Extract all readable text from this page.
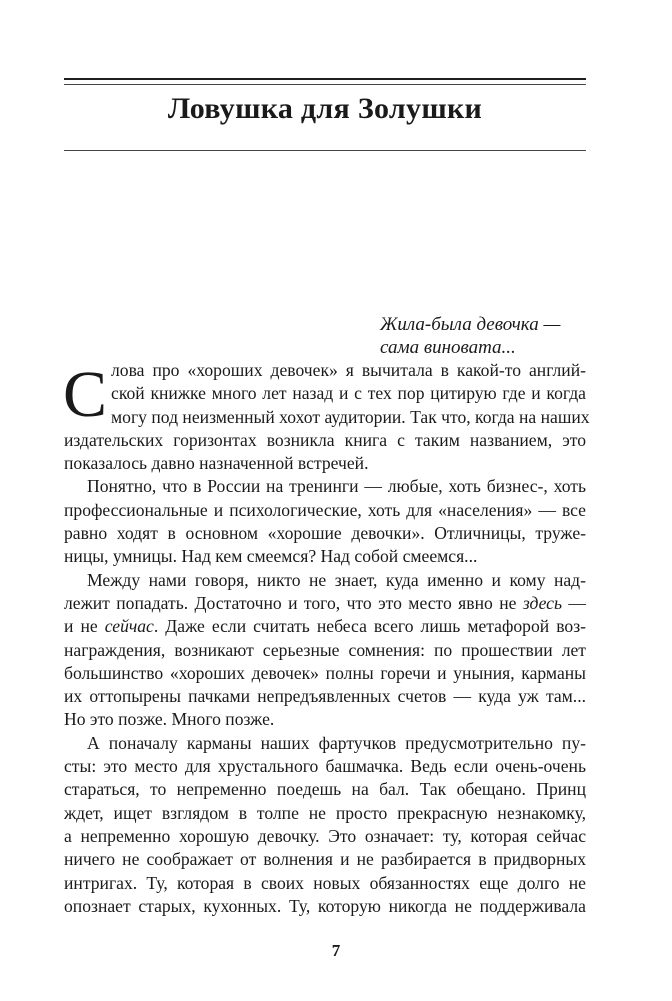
Ловушка для Золушки
Жила-была девочка —
сама виновата...
С лова про «хороших девочек» я вычитала в какой-то англий-
ской книжке много лет назад и с тех пор цитирую где и когда
могу под неизменный хохот аудитории. Так что, когда на наших
издательских горизонтах возникла книга с таким названием, это
показалось давно назначенной встречей.
Понятно, что в России на тренинги — любые, хоть бизнес-, хоть
профессиональные и психологические, хоть для «населения» — все
равно ходят в основном «хорошие девочки». Отличницы, труже-
ницы, умницы. Над кем смеемся? Над собой смеемся...
Между нами говоря, никто не знает, куда именно и кому над-
лежит попадать. Достаточно и того, что это место явно не здесь —
и не сейчас. Даже если считать небеса всего лишь метафорой воз-
награждения, возникают серьезные сомнения: по прошествии лет
большинство «хороших девочек» полны горечи и уныния, карманы
их оттопырены пачками непредъявленных счетов — куда уж там...
Но это позже. Много позже.
А поначалу карманы наших фартучков предусмотрительно пу-
сты: это место для хрустального башмачка. Ведь если очень-очень
стараться, то непременно поедешь на бал. Так обещано. Принц
ждет, ищет взглядом в толпе не просто прекрасную незнакомку,
а непременно хорошую девочку. Это означает: ту, которая сейчас
ничего не соображает от волнения и не разбирается в придворных
интригах. Ту, которая в своих новых обязанностях еще долго не
опознает старых, кухонных. Ту, которую никогда не поддерживала
7
